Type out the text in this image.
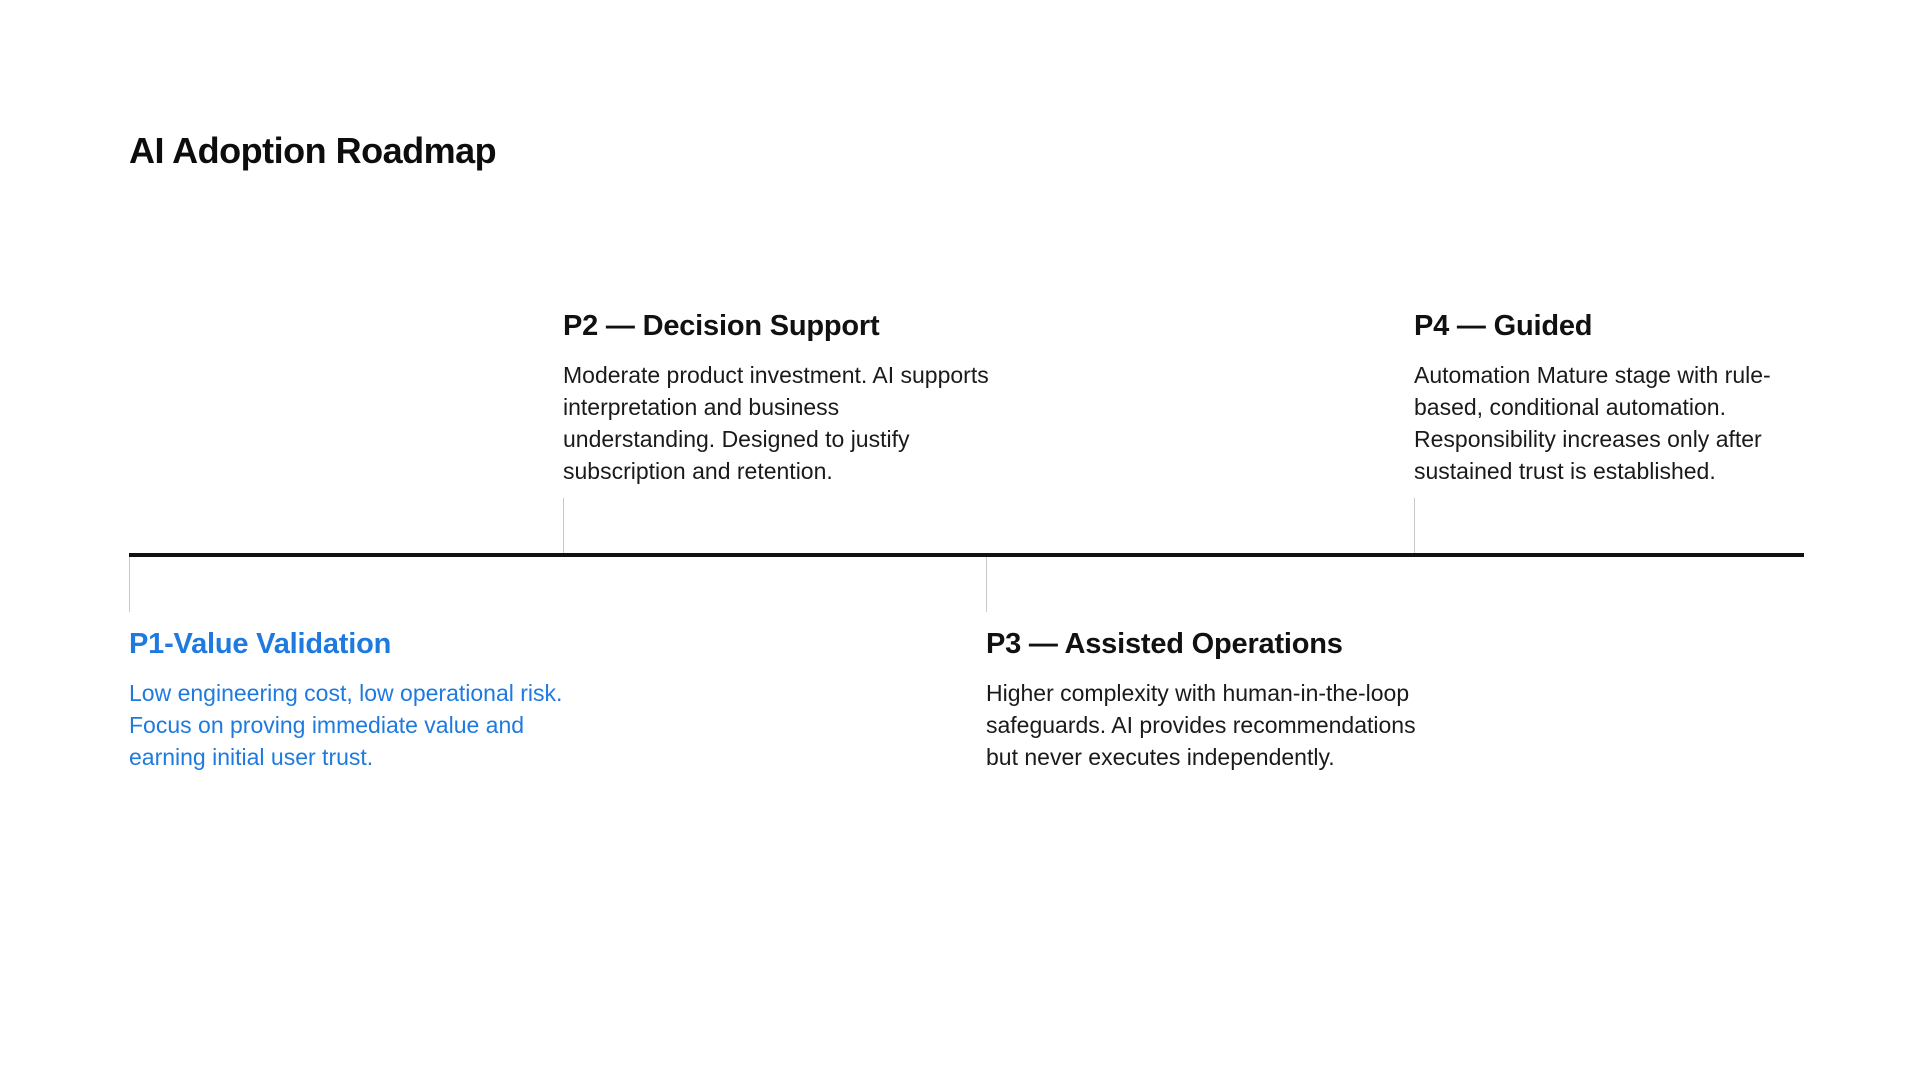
AI Adoption Roadmap
P2 — Decision Support

Moderate product investment. AI supports interpretation and business understanding. Designed to justify subscription and retention.

P4 — Guided

Automation Mature stage with rule-based, conditional automation. Responsibility increases only after sustained trust is established.

P1-Value Validation

Low engineering cost, low operational risk. Focus on proving immediate value and earning initial user trust.

P3 — Assisted Operations

Higher complexity with human-in-the-loop safeguards. AI provides recommendations but never executes independently.
